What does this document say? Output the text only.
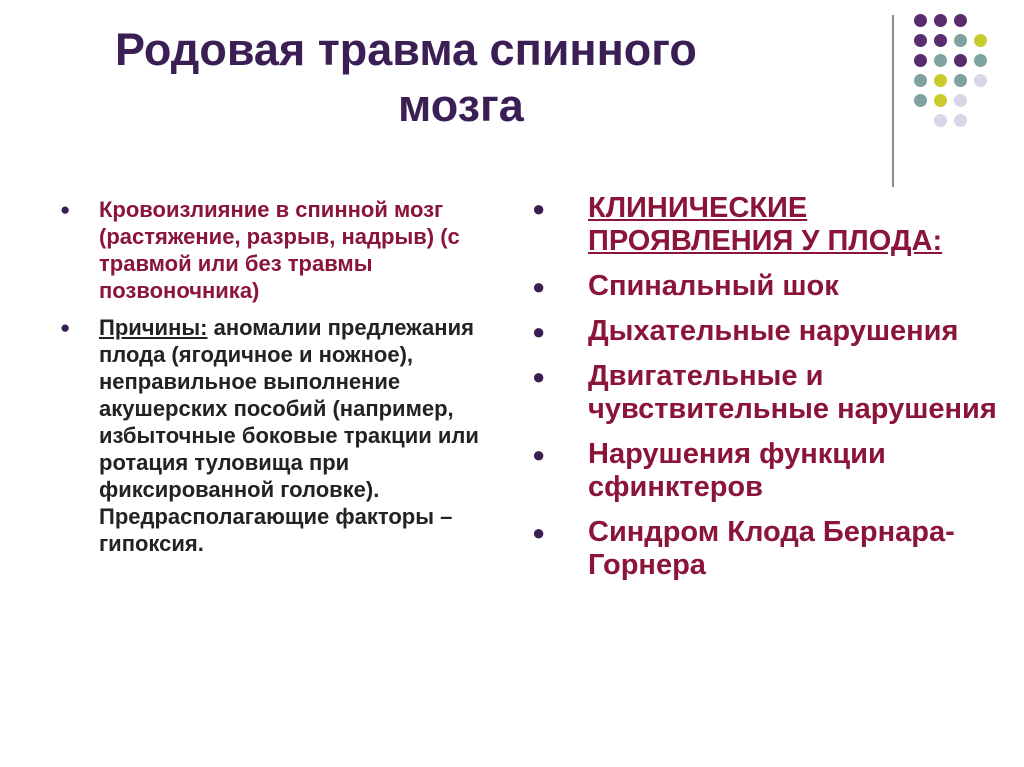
Родовая травма спинного
мозга
● Кровоизлияние в спинной мозг (растяжение, разрыв, надрыв) (с травмой или без травмы позвоночника)
● Причины: аномалии предлежания плода (ягодичное и ножное), неправильное выполнение акушерских пособий (например, избыточные боковые тракции или ротация туловища при фиксированной головке). Предрасполагающие факторы – гипоксия.
● КЛИНИЧЕСКИЕ ПРОЯВЛЕНИЯ У ПЛОДА:
● Спинальный шок
● Дыхательные нарушения
● Двигательные и чувствительные нарушения
● Нарушения функции сфинктеров
● Синдром Клода Бернара-Горнера
